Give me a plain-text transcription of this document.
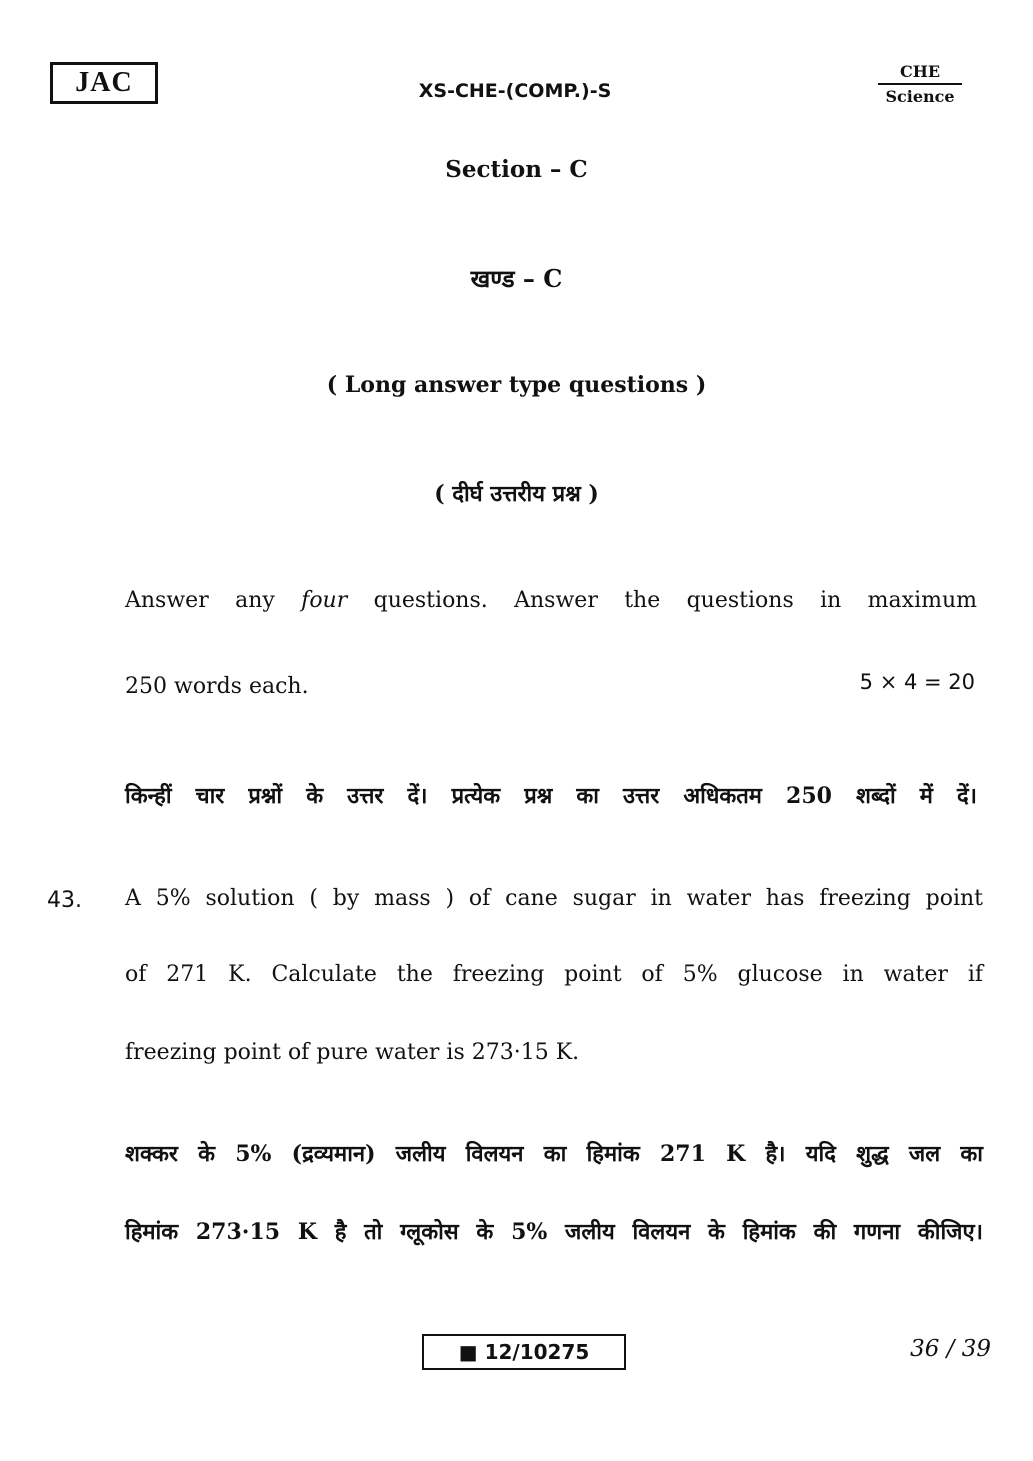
JAC	XS-CHE-(COMP.)-S
CHE
Science
Section – C
खण्ड – C
( Long answer type questions )
( दीर्घ उत्तरीय प्रश्न )
Answer any four questions. Answer the questions in maximum
250 words each.	5 × 4 = 20
किन्हीं चार प्रश्नों के उत्तर दें। प्रत्येक प्रश्न का उत्तर अधिकतम 250 शब्दों में दें।
43. A 5% solution ( by mass ) of cane sugar in water has freezing point
of 271 K. Calculate the freezing point of 5% glucose in water if
freezing point of pure water is 273·15 K.
शक्कर के 5% (द्रव्यमान) जलीय विलयन का हिमांक 271 K है। यदि शुद्ध जल का
हिमांक 273·15 K है तो ग्लूकोस के 5% जलीय विलयन के हिमांक की गणना कीजिए।
■ 12/10275	36 / 39
